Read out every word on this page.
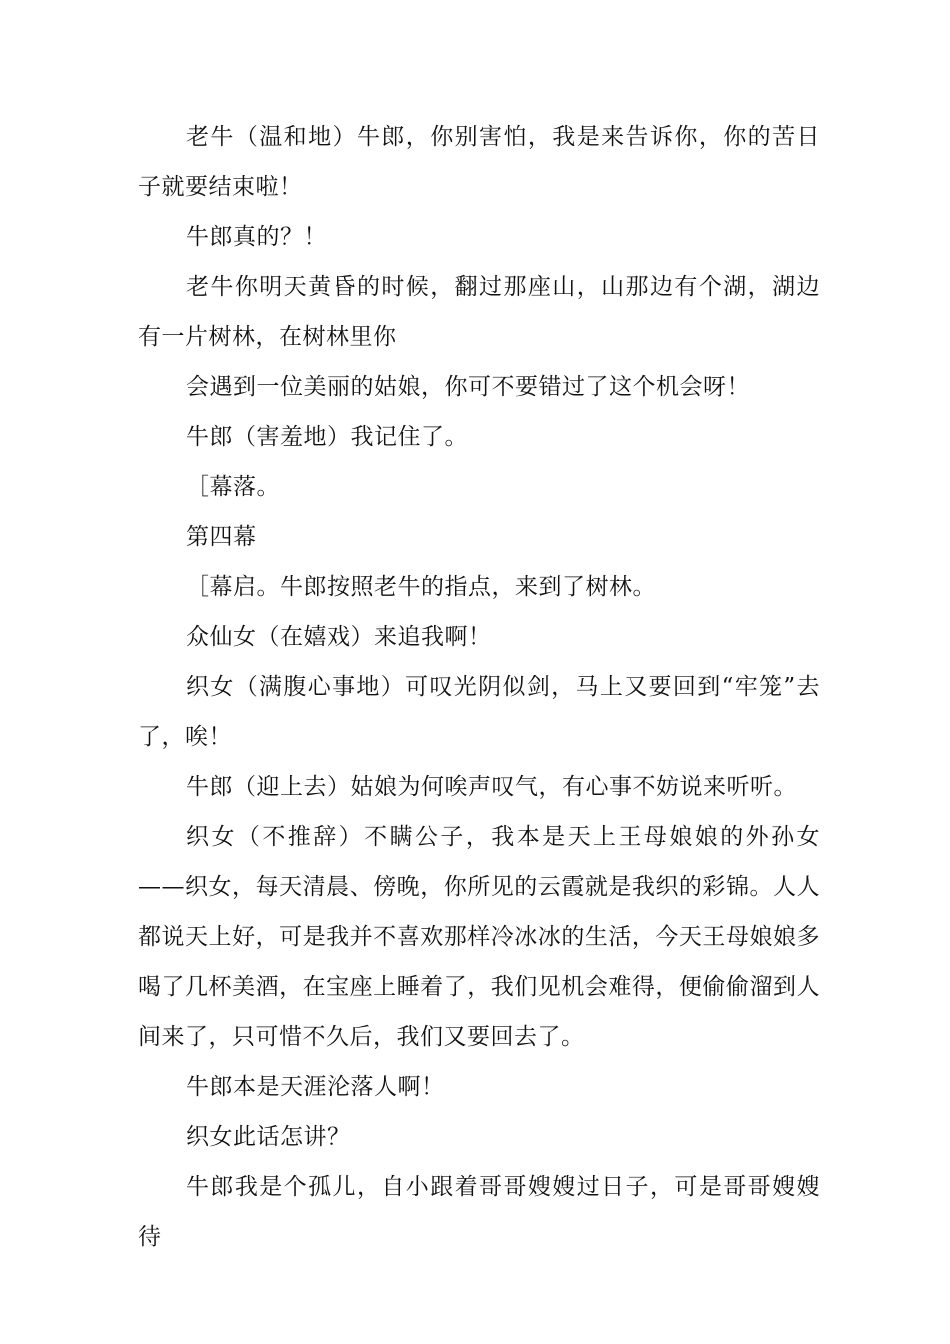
老牛（温和地）牛郎，你别害怕，我是来告诉你，你的苦日子就要结束啦！

牛郎真的？！

老牛你明天黄昏的时候，翻过那座山，山那边有个湖，湖边有一片树林，在树林里你

会遇到一位美丽的姑娘，你可不要错过了这个机会呀！

牛郎（害羞地）我记住了。

［幕落。

第四幕

［幕启。牛郎按照老牛的指点，来到了树林。

众仙女（在嬉戏）来追我啊！

织女（满腹心事地）可叹光阴似剑，马上又要回到“牢笼”去了，唉！

牛郎（迎上去）姑娘为何唉声叹气，有心事不妨说来听听。

织女（不推辞）不瞒公子，我本是天上王母娘娘的外孙女——织女，每天清晨、傍晚，你所见的云霞就是我织的彩锦。人人都说天上好，可是我并不喜欢那样冷冰冰的生活，今天王母娘娘多喝了几杯美酒，在宝座上睡着了，我们见机会难得，便偷偷溜到人间来了，只可惜不久后，我们又要回去了。

牛郎本是天涯沦落人啊！

织女此话怎讲？

牛郎我是个孤儿，自小跟着哥哥嫂嫂过日子，可是哥哥嫂嫂待
